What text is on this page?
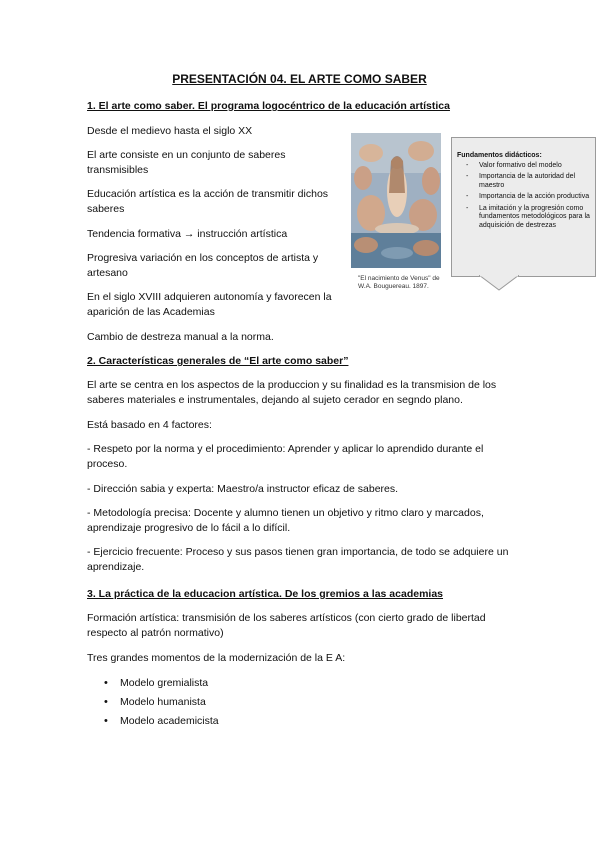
PRESENTACIÓN 04. EL ARTE COMO SABER
1. El arte como saber. El programa logocéntrico de la educación artística

Desde el medievo hasta el siglo XX

El arte consiste en un conjunto de saberes transmisibles

Educación artística es la acción de transmitir dichos saberes

Tendencia formativa → instrucción artística

Progresiva variación en los conceptos de artista y artesano

En el siglo XVIII adquieren autonomía y favorecen la aparición de las Academias

Cambio de destreza manual a la norma.

"El nacimiento de Venus" de W.A. Bouguereau. 1897.
Fundamentos didácticos:
- Valor formativo del modelo
- Importancia de la autoridad del maestro
- Importancia de la acción productiva
- La imitación y la progresión como fundamentos metodológicos para la adquisición de destrezas
2. Características generales de “El arte como saber”

El arte se centra en los aspectos de la produccion y su finalidad es la transmision de los saberes materiales e instrumentales, dejando al sujeto cerador en segndo plano.

Está basado en 4 factores:

- Respeto por la norma y el procedimiento: Aprender y aplicar lo aprendido durante el proceso.

- Dirección sabia y experta: Maestro/a instructor eficaz de saberes.

- Metodología precisa: Docente y alumno tienen un objetivo y ritmo claro y marcados, aprendizaje progresivo de lo fácil a lo difícil.

- Ejercicio frecuente: Proceso y sus pasos tienen gran importancia, de todo se adquiere un aprendizaje.

3. La práctica de la educacion artística. De los gremios a las academias

Formación artística: transmisión de los saberes artísticos (con cierto grado de libertad respecto al patrón normativo)

Tres grandes momentos de la modernización de la E A:

• Modelo gremialista
• Modelo humanista
• Modelo academicista
